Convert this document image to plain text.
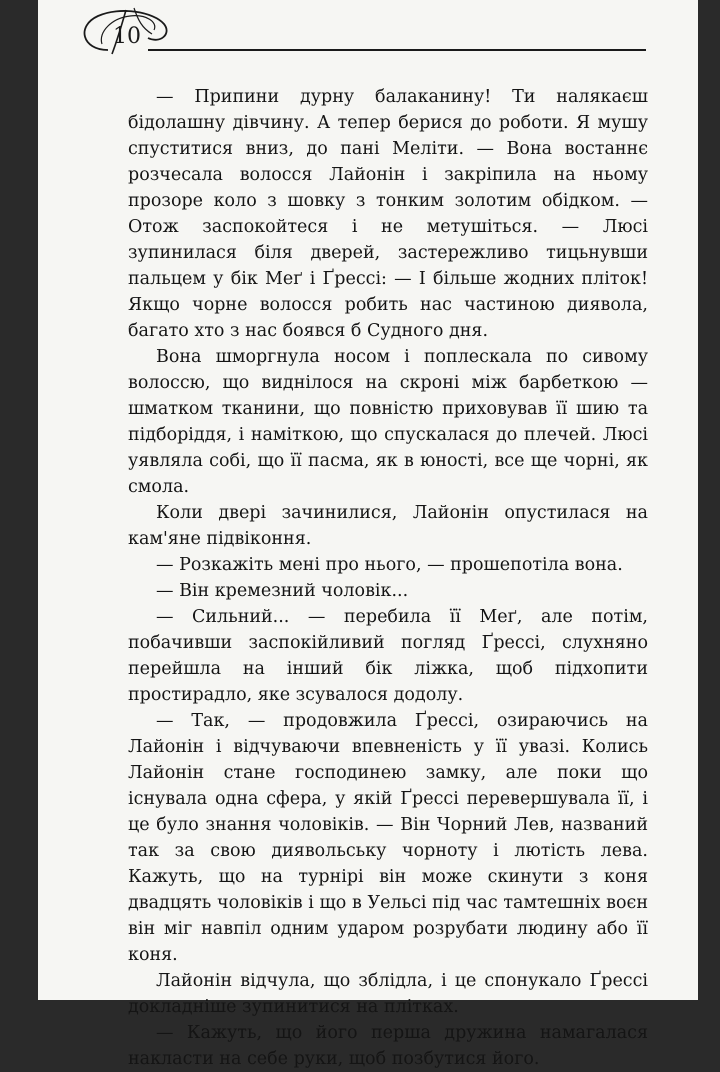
10

— Припини дурну балаканину! Ти налякаєш бідолашну дівчину. А тепер берися до роботи. Я мушу спуститися вниз, до пані Меліти. — Вона востаннє розчесала волосся Лайонін і закріпила на ньому прозоре коло з шовку з тонким золотим обідком. — Отож заспокойтеся і не метушіться. — Люсі зупинилася біля дверей, застережливо тицьнувши пальцем у бік Меґ і Ґрессі: — І більше жодних пліток! Якщо чорне волосся робить нас частиною диявола, багато хто з нас боявся б Судного дня.

Вона шморгнула носом і поплескала по сивому волоссю, що виднілося на скроні між барбеткою — шматком тканини, що повністю приховував її шию та підборіддя, і наміткою, що спускалася до плечей. Люсі уявляла собі, що її пасма, як в юності, все ще чорні, як смола.

Коли двері зачинилися, Лайонін опустилася на кам'яне підвіконня.

— Розкажіть мені про нього, — прошепотіла вона.

— Він кремезний чоловік...

— Сильний... — перебила її Меґ, але потім, побачивши заспокійливий погляд Ґрессі, слухняно перейшла на інший бік ліжка, щоб підхопити простирадло, яке зсувалося додолу.

— Так, — продовжила Ґрессі, озираючись на Лайонін і відчуваючи впевненість у її увазі. Колись Лайонін стане господинею замку, але поки що існувала одна сфера, у якій Ґрессі перевершувала її, і це було знання чоловіків. — Він Чорний Лев, названий так за свою диявольську чорноту і лютість лева. Кажуть, що на турнірі він може скинути з коня двадцять чоловіків і що в Уельсі під час тамтешніх воєн він міг навпіл одним ударом розрубати людину або її коня.

Лайонін відчула, що зблідла, і це спонукало Ґрессі докладніше зупинитися на плітках.

— Кажуть, що його перша дружина намагалася накласти на себе руки, щоб позбутися його.
